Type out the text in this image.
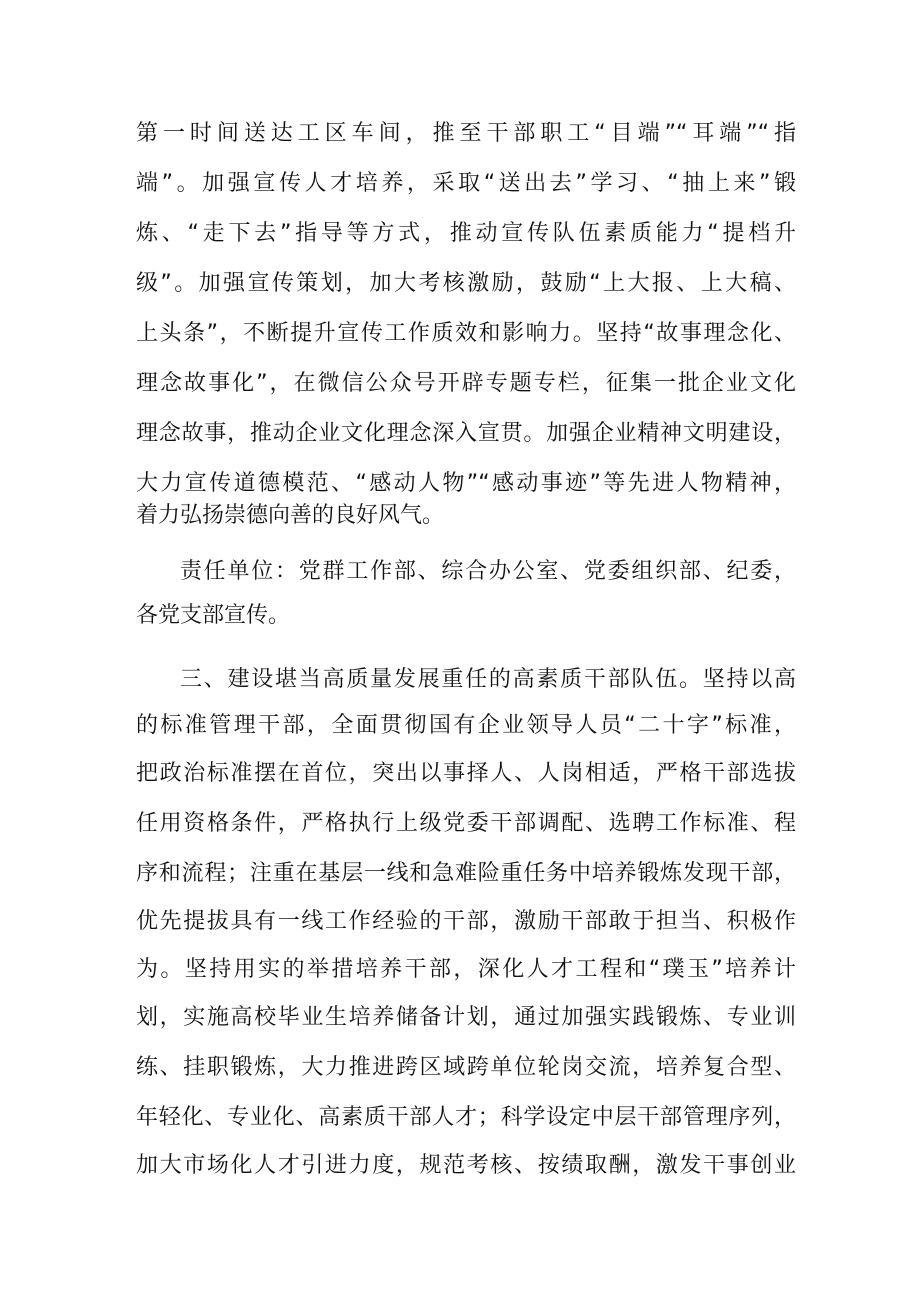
第一时间送达工区车间，推至干部职工“目端”“耳端”“指
端”。加强宣传人才培养，采取“送出去”学习、“抽上来”锻
炼、“走下去”指导等方式，推动宣传队伍素质能力“提档升
级”。加强宣传策划，加大考核激励，鼓励“上大报、上大稿、
上头条”，不断提升宣传工作质效和影响力。坚持“故事理念化、
理念故事化”，在微信公众号开辟专题专栏，征集一批企业文化
理念故事，推动企业文化理念深入宣贯。加强企业精神文明建设，
大力宣传道德模范、“感动人物”“感动事迹”等先进人物精神，
着力弘扬崇德向善的良好风气。
责任单位：党群工作部、综合办公室、党委组织部、纪委，
各党支部宣传。
三、建设堪当高质量发展重任的高素质干部队伍。坚持以高
的标准管理干部，全面贯彻国有企业领导人员“二十字”标准，
把政治标准摆在首位，突出以事择人、人岗相适，严格干部选拔
任用资格条件，严格执行上级党委干部调配、选聘工作标准、程
序和流程；注重在基层一线和急难险重任务中培养锻炼发现干部，
优先提拔具有一线工作经验的干部，激励干部敢于担当、积极作
为。坚持用实的举措培养干部，深化人才工程和“璞玉”培养计
划，实施高校毕业生培养储备计划，通过加强实践锻炼、专业训
练、挂职锻炼，大力推进跨区域跨单位轮岗交流，培养复合型、
年轻化、专业化、高素质干部人才；科学设定中层干部管理序列，
加大市场化人才引进力度，规范考核、按绩取酬，激发干事创业
